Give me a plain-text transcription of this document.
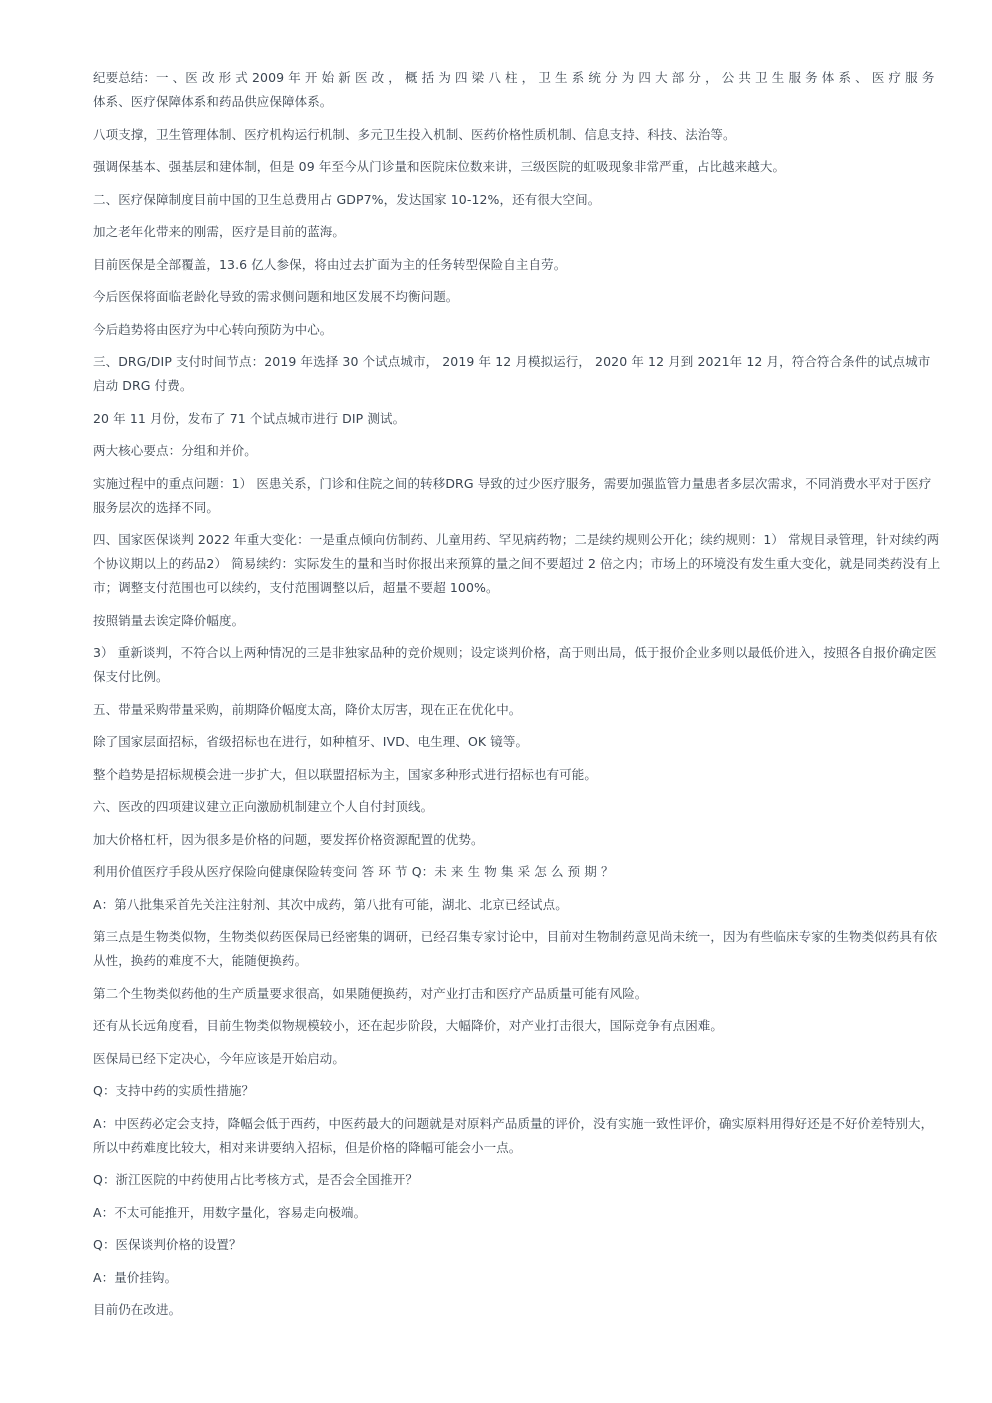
纪要总结：一 、医 改 形 式 2009 年 开 始 新 医 改 ， 概 括 为 四 梁 八 柱 ， 卫 生 系 统 分 为 四 大 部 分 ， 公 共 卫 生 服 务 体 系 、 医 疗 服 务 体系、医疗保障体系和药品供应保障体系。

八项支撑，卫生管理体制、医疗机构运行机制、多元卫生投入机制、医药价格性质机制、信息支持、科技、法治等。

强调保基本、强基层和建体制，但是 09 年至今从门诊量和医院床位数来讲，三级医院的虹吸现象非常严重，占比越来越大。

二、医疗保障制度目前中国的卫生总费用占 GDP7%，发达国家 10-12%，还有很大空间。

加之老年化带来的刚需，医疗是目前的蓝海。

目前医保是全部覆盖，13.6 亿人参保，将由过去扩面为主的任务转型保险自主自劳。

今后医保将面临老龄化导致的需求侧问题和地区发展不均衡问题。

今后趋势将由医疗为中心转向预防为中心。

三、DRG/DIP 支付时间节点：2019 年选择 30 个试点城市， 2019 年 12 月模拟运行， 2020 年 12 月到 2021年 12 月，符合符合条件的试点城市启动 DRG 付费。

20 年 11 月份，发布了 71 个试点城市进行 DIP 测试。

两大核心要点：分组和并价。

实施过程中的重点问题：1） 医患关系，门诊和住院之间的转移DRG 导致的过少医疗服务，需要加强监管力量患者多层次需求，不同消费水平对于医疗服务层次的选择不同。

四、国家医保谈判 2022 年重大变化：一是重点倾向仿制药、儿童用药、罕见病药物；二是续约规则公开化；续约规则：1） 常规目录管理，针对续约两个协议期以上的药品2） 简易续约：实际发生的量和当时你报出来预算的量之间不要超过 2 倍之内；市场上的环境没有发生重大变化，就是同类药没有上市；调整支付范围也可以续约，支付范围调整以后，超量不要超 100%。

按照销量去诶定降价幅度。

3） 重新谈判，不符合以上两种情况的三是非独家品种的竞价规则；设定谈判价格，高于则出局，低于报价企业多则以最低价进入，按照各自报价确定医保支付比例。

五、带量采购带量采购，前期降价幅度太高，降价太厉害，现在正在优化中。

除了国家层面招标，省级招标也在进行，如种植牙、IVD、电生理、OK 镜等。

整个趋势是招标规模会进一步扩大，但以联盟招标为主，国家多种形式进行招标也有可能。

六、医改的四项建议建立正向激励机制建立个人自付封顶线。

加大价格杠杆，因为很多是价格的问题，要发挥价格资源配置的优势。

利用价值医疗手段从医疗保险向健康保险转变问 答 环 节 Q：未 来 生 物 集 采 怎 么 预 期 ？

A：第八批集采首先关注注射剂、其次中成药，第八批有可能，湖北、北京已经试点。

第三点是生物类似物，生物类似药医保局已经密集的调研，已经召集专家讨论中，目前对生物制药意见尚未统一，因为有些临床专家的生物类似药具有依从性，换药的难度不大，能随便换药。

第二个生物类似药他的生产质量要求很高，如果随便换药，对产业打击和医疗产品质量可能有风险。

还有从长远角度看，目前生物类似物规模较小，还在起步阶段，大幅降价，对产业打击很大，国际竞争有点困难。

医保局已经下定决心，今年应该是开始启动。

Q：支持中药的实质性措施？

A：中医药必定会支持，降幅会低于西药，中医药最大的问题就是对原料产品质量的评价，没有实施一致性评价，确实原料用得好还是不好价差特别大，所以中药难度比较大，相对来讲要纳入招标，但是价格的降幅可能会小一点。

Q：浙江医院的中药使用占比考核方式，是否会全国推开？

A：不太可能推开，用数字量化，容易走向极端。

Q：医保谈判价格的设置？

A：量价挂钩。

目前仍在改进。
